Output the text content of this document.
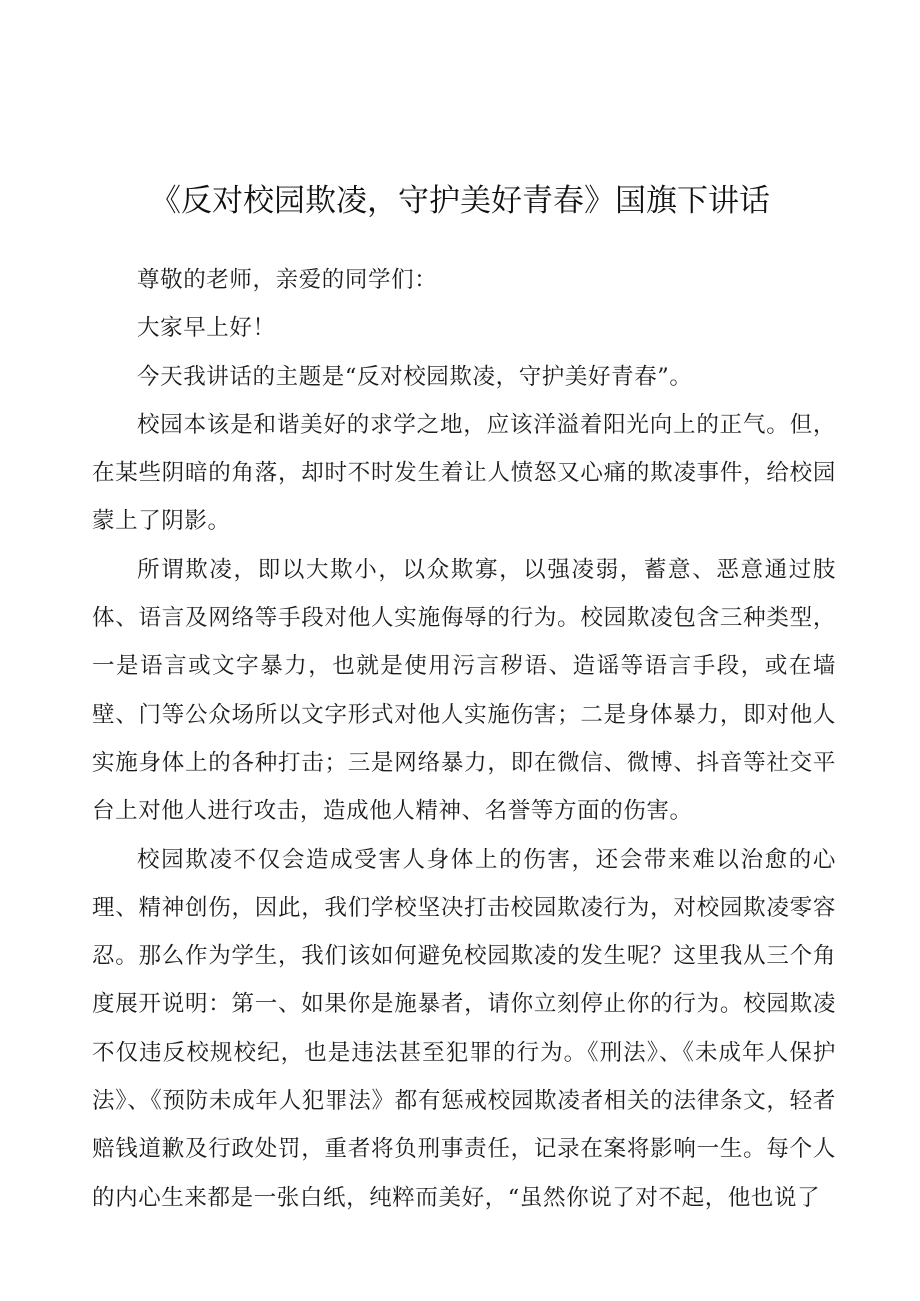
《反对校园欺凌，守护美好青春》国旗下讲话

尊敬的老师，亲爱的同学们：

大家早上好！

今天我讲话的主题是“反对校园欺凌，守护美好青春”。

校园本该是和谐美好的求学之地，应该洋溢着阳光向上的正气。但，在某些阴暗的角落，却时不时发生着让人愤怒又心痛的欺凌事件，给校园蒙上了阴影。

所谓欺凌，即以大欺小，以众欺寡，以强凌弱，蓄意、恶意通过肢体、语言及网络等手段对他人实施侮辱的行为。校园欺凌包含三种类型，一是语言或文字暴力，也就是使用污言秽语、造谣等语言手段，或在墙壁、门等公众场所以文字形式对他人实施伤害；二是身体暴力，即对他人实施身体上的各种打击；三是网络暴力，即在微信、微博、抖音等社交平台上对他人进行攻击，造成他人精神、名誉等方面的伤害。

校园欺凌不仅会造成受害人身体上的伤害，还会带来难以治愈的心理、精神创伤，因此，我们学校坚决打击校园欺凌行为，对校园欺凌零容忍。那么作为学生，我们该如何避免校园欺凌的发生呢？这里我从三个角度展开说明：第一、如果你是施暴者，请你立刻停止你的行为。校园欺凌不仅违反校规校纪，也是违法甚至犯罪的行为。《刑法》、《未成年人保护法》、《预防未成年人犯罪法》都有惩戒校园欺凌者相关的法律条文，轻者赔钱道歉及行政处罚，重者将负刑事责任，记录在案将影响一生。每个人的内心生来都是一张白纸，纯粹而美好，“虽然你说了对不起，他也说了
